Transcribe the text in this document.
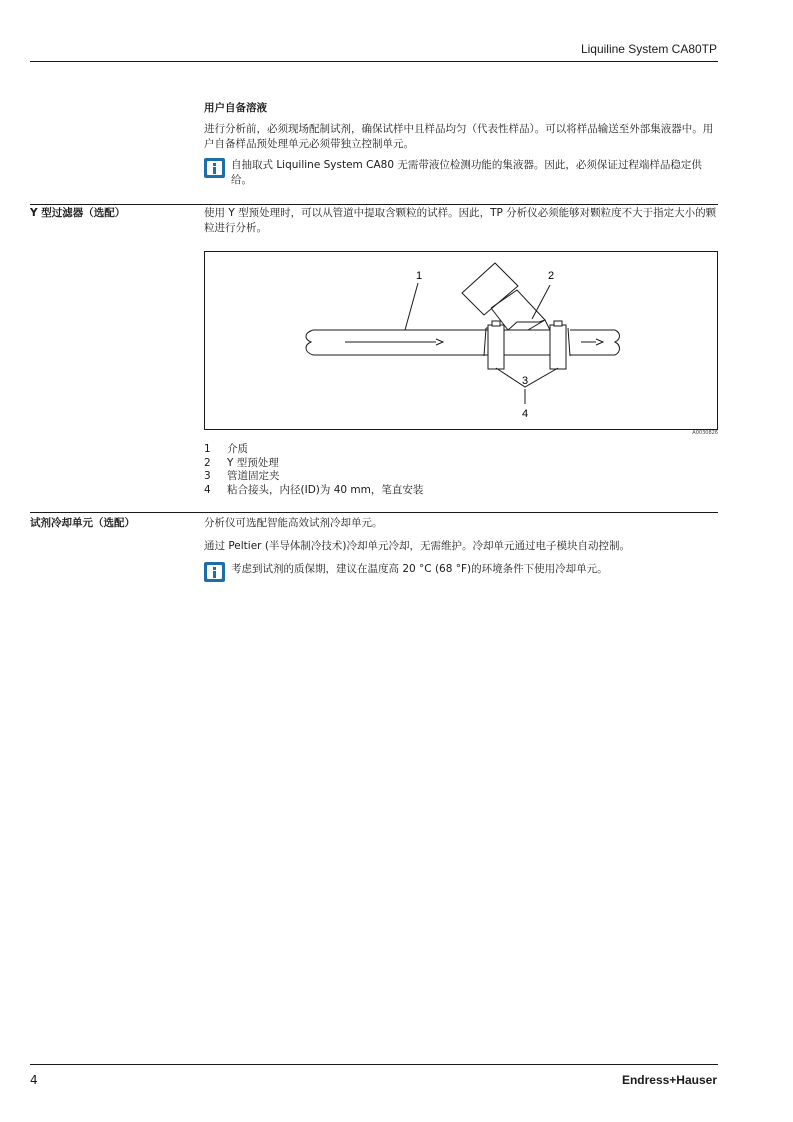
Liquiline System CA80TP
用户自备溶液
进行分析前，必须现场配制试剂，确保试样中且样品均匀（代表性样品）。可以将样品输送至外部集液器中。用户自备样品预处理单元必须带独立控制单元。
自抽取式 Liquiline System CA80 无需带液位检测功能的集液器。因此，必须保证过程端样品稳定供给。
Y 型过滤器（选配）	使用 Y 型预处理时，可以从管道中提取含颗粒的试样。因此，TP 分析仪必须能够对颗粒度不大于指定大小的颗粒进行分析。
1	2
3
4
A0030826
1	介质
2	Y 型预处理
3	管道固定夹
4	粘合接头，内径(ID)为 40 mm，笔直安装
试剂冷却单元（选配）	分析仪可选配智能高效试剂冷却单元。
通过 Peltier (半导体制冷技术)冷却单元冷却，无需维护。冷却单元通过电子模块自动控制。
考虑到试剂的质保期，建议在温度高 20 °C (68 °F)的环境条件下使用冷却单元。
4	Endress+Hauser
